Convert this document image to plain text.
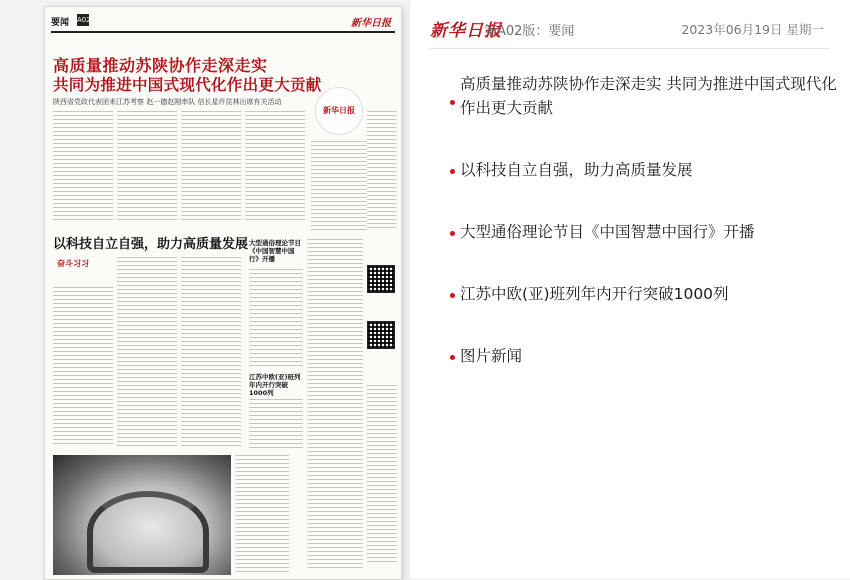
要闻 A02	新华日报
高质量推动苏陕协作走深走实
共同为推进中国式现代化作出更大贡献
陕西省党政代表团来江苏考察 赵一德赵刚率队 信长星许昆林出席有关活动
新华日报
以科技自立自强，助力高质量发展
奋斗习习
大型通俗理论节目《中国智慧中国行》开播
江苏中欧(亚)班列年内开行突破1000列
新华日报
第A02版：要闻	2023年06月19日 星期一
高质量推动苏陕协作走深走实 共同为推进中国式现代化作出更大贡献
以科技自立自强，助力高质量发展
大型通俗理论节目《中国智慧中国行》开播
江苏中欧(亚)班列年内开行突破1000列
图片新闻
